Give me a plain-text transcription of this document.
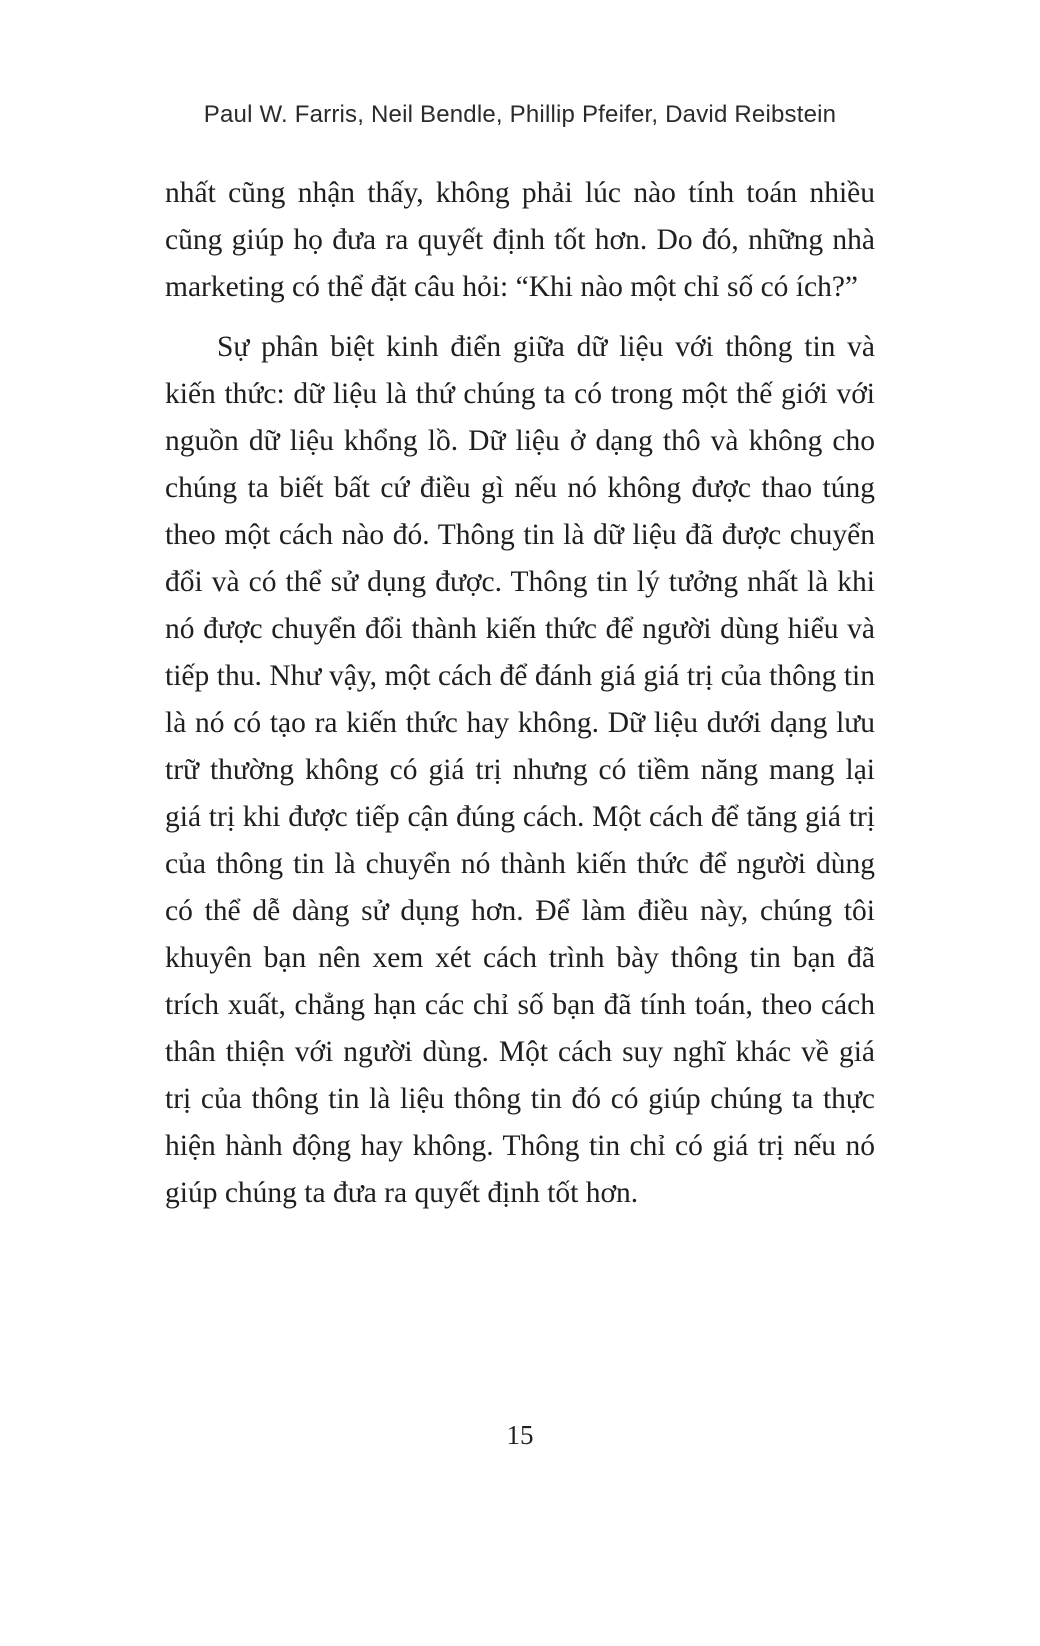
Paul W. Farris, Neil Bendle, Phillip Pfeifer, David Reibstein

nhất cũng nhận thấy, không phải lúc nào tính toán nhiều cũng giúp họ đưa ra quyết định tốt hơn. Do đó, những nhà marketing có thể đặt câu hỏi: “Khi nào một chỉ số có ích?”

Sự phân biệt kinh điển giữa dữ liệu với thông tin và kiến thức: dữ liệu là thứ chúng ta có trong một thế giới với nguồn dữ liệu khổng lồ. Dữ liệu ở dạng thô và không cho chúng ta biết bất cứ điều gì nếu nó không được thao túng theo một cách nào đó. Thông tin là dữ liệu đã được chuyển đổi và có thể sử dụng được. Thông tin lý tưởng nhất là khi nó được chuyển đổi thành kiến thức để người dùng hiểu và tiếp thu. Như vậy, một cách để đánh giá giá trị của thông tin là nó có tạo ra kiến thức hay không. Dữ liệu dưới dạng lưu trữ thường không có giá trị nhưng có tiềm năng mang lại giá trị khi được tiếp cận đúng cách. Một cách để tăng giá trị của thông tin là chuyển nó thành kiến thức để người dùng có thể dễ dàng sử dụng hơn. Để làm điều này, chúng tôi khuyên bạn nên xem xét cách trình bày thông tin bạn đã trích xuất, chẳng hạn các chỉ số bạn đã tính toán, theo cách thân thiện với người dùng. Một cách suy nghĩ khác về giá trị của thông tin là liệu thông tin đó có giúp chúng ta thực hiện hành động hay không. Thông tin chỉ có giá trị nếu nó giúp chúng ta đưa ra quyết định tốt hơn.

15
